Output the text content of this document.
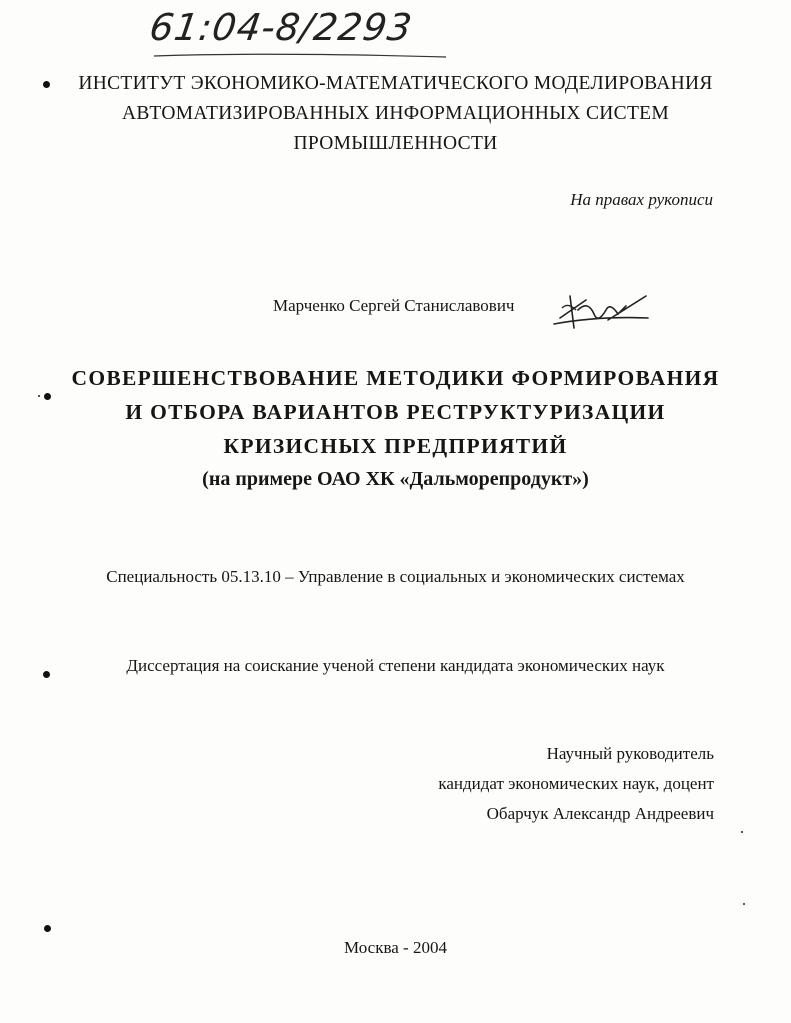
61:04-8/2293
ИНСТИТУТ ЭКОНОМИКО-МАТЕМАТИЧЕСКОГО МОДЕЛИРОВАНИЯ
АВТОМАТИЗИРОВАННЫХ ИНФОРМАЦИОННЫХ СИСТЕМ
ПРОМЫШЛЕННОСТИ
На правах рукописи
Марченко Сергей Станиславович
СОВЕРШЕНСТВОВАНИЕ МЕТОДИКИ ФОРМИРОВАНИЯ
И ОТБОРА ВАРИАНТОВ РЕСТРУКТУРИЗАЦИИ
КРИЗИСНЫХ ПРЕДПРИЯТИЙ
(на примере ОАО ХК «Дальморепродукт»)
Специальность 05.13.10 – Управление в социальных и экономических системах
Диссертация на соискание ученой степени кандидата экономических наук
Научный руководитель
кандидат экономических наук, доцент
Обарчук Александр Андреевич
Москва - 2004
